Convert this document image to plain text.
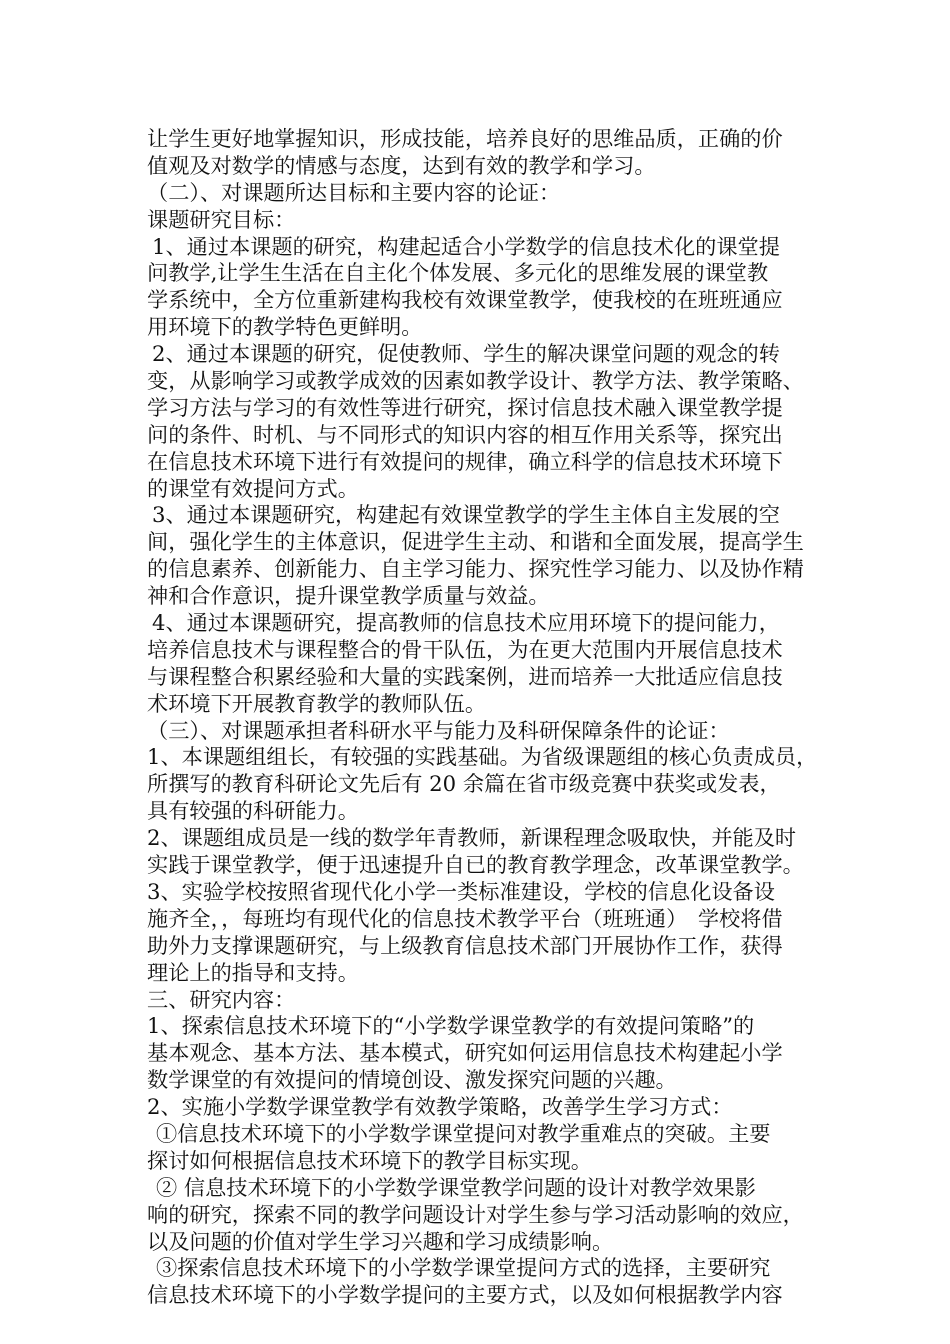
让学生更好地掌握知识，形成技能，培养良好的思维品质，正确的价
值观及对数学的情感与态度，达到有效的教学和学习。
（二）、对课题所达目标和主要内容的论证：
课题研究目标：
1、通过本课题的研究，构建起适合小学数学的信息技术化的课堂提
问教学,让学生生活在自主化个体发展、多元化的思维发展的课堂教
学系统中，全方位重新建构我校有效课堂教学，使我校的在班班通应
用环境下的教学特色更鲜明。
2、通过本课题的研究，促使教师、学生的解决课堂问题的观念的转
变，从影响学习或教学成效的因素如教学设计、教学方法、教学策略、
学习方法与学习的有效性等进行研究，探讨信息技术融入课堂教学提
问的条件、时机、与不同形式的知识内容的相互作用关系等，探究出
在信息技术环境下进行有效提问的规律，确立科学的信息技术环境下
的课堂有效提问方式。
3、通过本课题研究，构建起有效课堂教学的学生主体自主发展的空
间，强化学生的主体意识，促进学生主动、和谐和全面发展，提高学生
的信息素养、创新能力、自主学习能力、探究性学习能力、以及协作精
神和合作意识，提升课堂教学质量与效益。
4、通过本课题研究，提高教师的信息技术应用环境下的提问能力，
培养信息技术与课程整合的骨干队伍，为在更大范围内开展信息技术
与课程整合积累经验和大量的实践案例，进而培养一大批适应信息技
术环境下开展教育教学的教师队伍。
（三）、对课题承担者科研水平与能力及科研保障条件的论证：
1、本课题组组长，有较强的实践基础。为省级课题组的核心负责成员，
所撰写的教育科研论文先后有 20 余篇在省市级竞赛中获奖或发表，
具有较强的科研能力。
2、课题组成员是一线的数学年青教师，新课程理念吸取快，并能及时
实践于课堂教学，便于迅速提升自已的教育教学理念，改革课堂教学。
3、实验学校按照省现代化小学一类标准建设，学校的信息化设备设
施齐全，，每班均有现代化的信息技术教学平台（班班通）　学校将借
助外力支撑课题研究，与上级教育信息技术部门开展协作工作，获得
理论上的指导和支持。
三、研究内容：
1、探索信息技术环境下的“小学数学课堂教学的有效提问策略”的
基本观念、基本方法、基本模式，研究如何运用信息技术构建起小学
数学课堂的有效提问的情境创设、激发探究问题的兴趣。
2、实施小学数学课堂教学有效教学策略，改善学生学习方式：
①信息技术环境下的小学数学课堂提问对教学重难点的突破。主要
探讨如何根据信息技术环境下的教学目标实现。
② 信息技术环境下的小学数学课堂教学问题的设计对教学效果影
响的研究，探索不同的教学问题设计对学生参与学习活动影响的效应，
以及问题的价值对学生学习兴趣和学习成绩影响。
③探索信息技术环境下的小学数学课堂提问方式的选择，主要研究
信息技术环境下的小学数学提问的主要方式，以及如何根据教学内容
